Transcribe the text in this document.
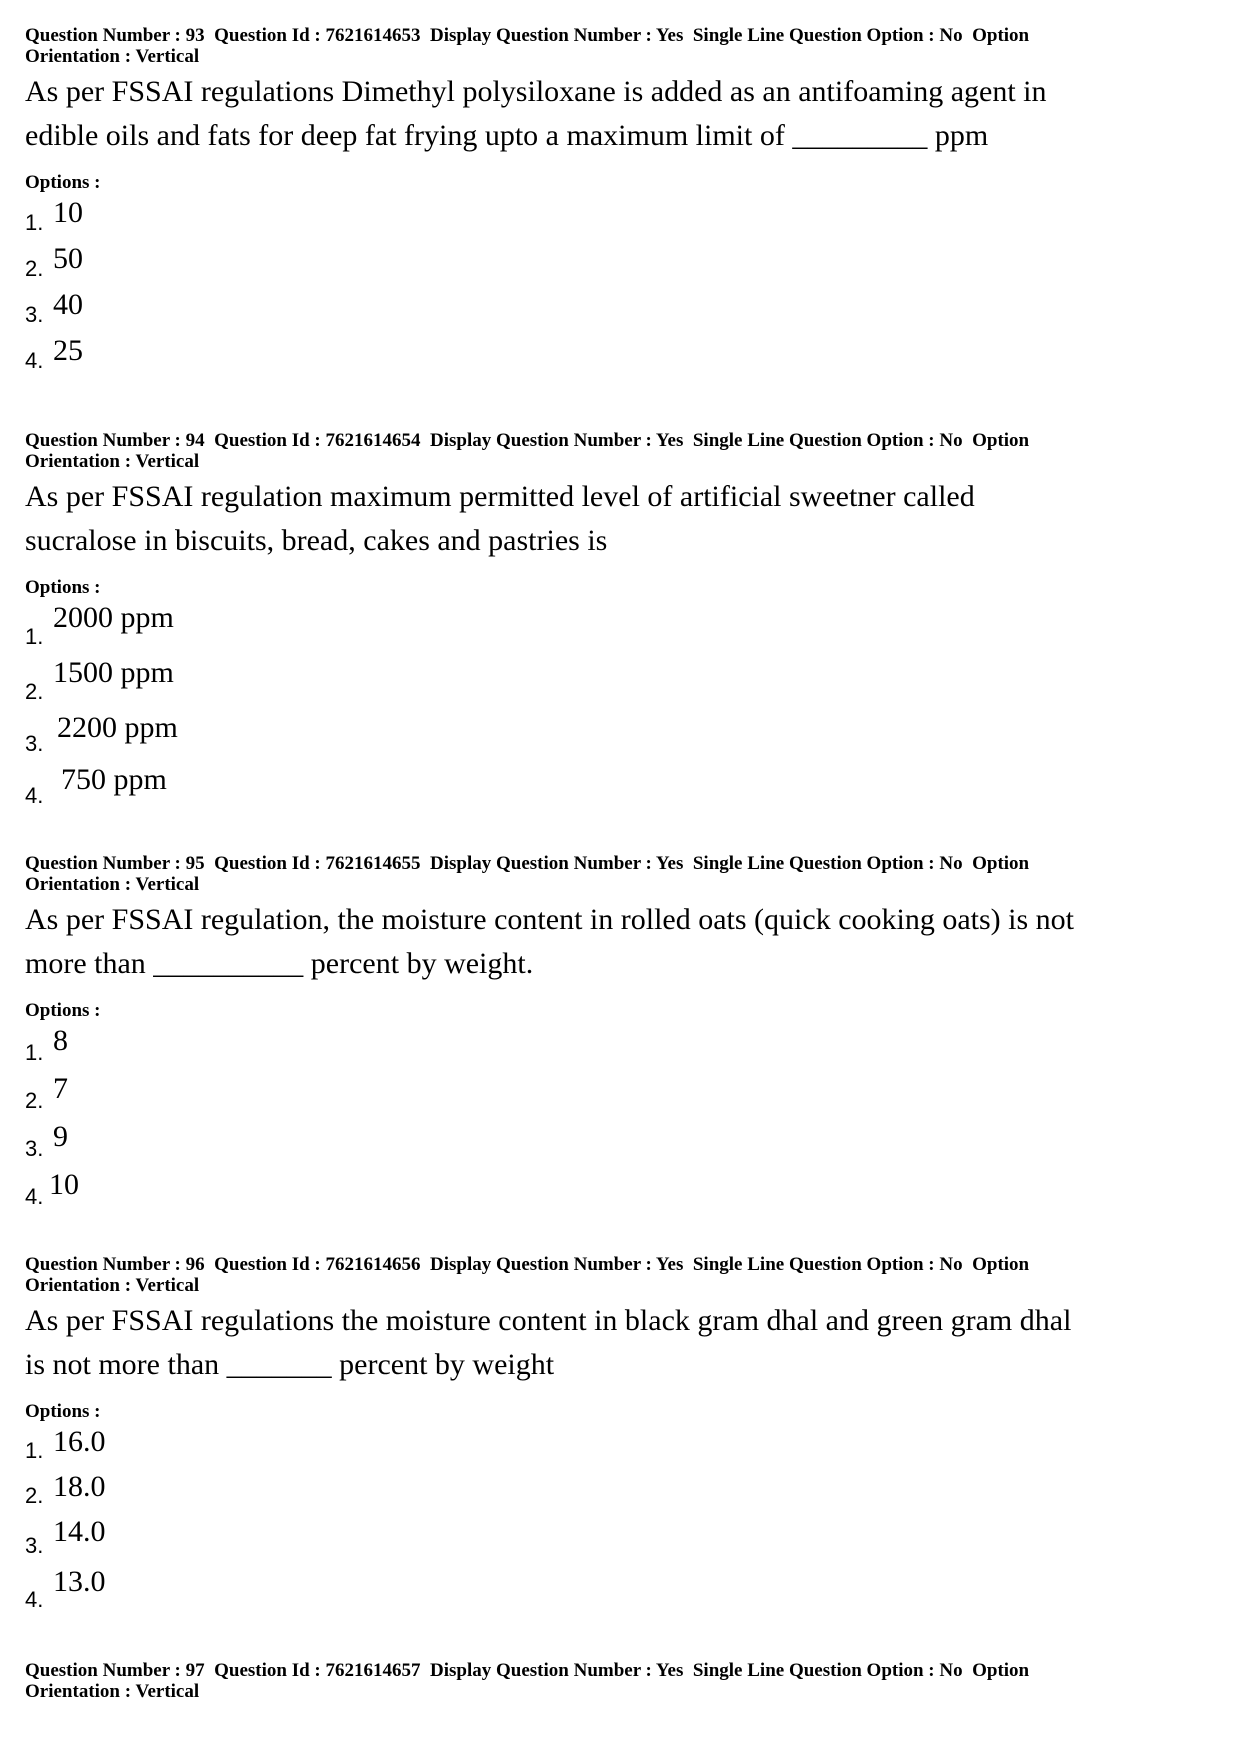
Question Number : 93  Question Id : 7621614653  Display Question Number : Yes  Single Line Question Option : No  Option
Orientation : Vertical
As per FSSAI regulations Dimethyl polysiloxane is added as an antifoaming agent in
edible oils and fats for deep fat frying upto a maximum limit of _________ ppm
Options :
1. 10
2. 50
3. 40
4. 25
Question Number : 94  Question Id : 7621614654  Display Question Number : Yes  Single Line Question Option : No  Option
Orientation : Vertical
As per FSSAI regulation maximum permitted level of artificial sweetner called
sucralose in biscuits, bread, cakes and pastries is
Options :
1.
2000 ppm
2.
1500 ppm
3. 2200 ppm
4. 750 ppm
Question Number : 95  Question Id : 7621614655  Display Question Number : Yes  Single Line Question Option : No  Option
Orientation : Vertical
As per FSSAI regulation, the moisture content in rolled oats (quick cooking oats) is not
more than __________ percent by weight.
Options :
1. 8
2. 7
3. 9
4. 10
Question Number : 96  Question Id : 7621614656  Display Question Number : Yes  Single Line Question Option : No  Option
Orientation : Vertical
As per FSSAI regulations the moisture content in black gram dhal and green gram dhal
is not more than _______ percent by weight
Options :
1. 16.0
2. 18.0
3. 14.0
4.
13.0
Question Number : 97  Question Id : 7621614657  Display Question Number : Yes  Single Line Question Option : No  Option
Orientation : Vertical
